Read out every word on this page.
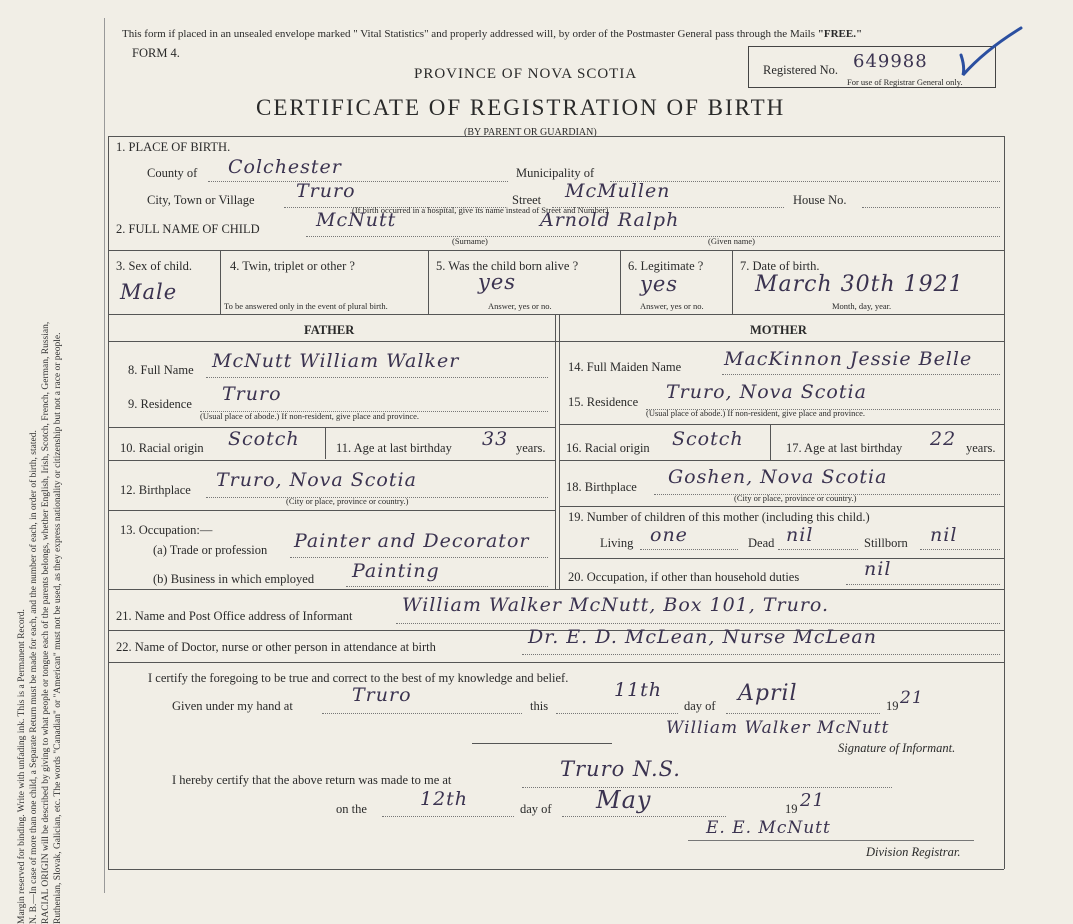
Margin reserved for binding. Write with unfading ink. This is a Permanent Record. N. B.—In case of more than one child, a Separate Return must be made for each, and the number of each, in order of birth, stated. RACIAL ORIGIN will be described by giving to what people or tongue each of the parents belongs, whether English, Irish, Scotch, French, German, Russian, Ruthenian, Slovak, Galician, etc. The words "Canadian" or "American" must not be used, as they express nationality or citizenship but not a race or people.
This form if placed in an unsealed envelope marked " Vital Statistics" and properly addressed will, by order of the Postmaster General pass through the Mails "FREE."
FORM 4.
PROVINCE OF NOVA SCOTIA
CERTIFICATE OF REGISTRATION OF BIRTH
(BY PARENT OR GUARDIAN)
Registered No. 649988
For use of Registrar General only.
1. PLACE OF BIRTH.
County of Colchester	Municipality of
City, Town or Village Truro	Street McMullen	House No.
(If birth occurred in a hospital, give its name instead of Street and Number)
2. FULL NAME OF CHILD	McNutt	Arnold Ralph
(Surname)	(Given name)
3. Sex of child.
Male
4. Twin, triplet or other ?
To be answered only in the event of plural birth.
5. Was the child born alive ?
yes
Answer, yes or no.
6. Legitimate ?
yes
Answer, yes or no.
7. Date of birth.
March 30th 1921
Month, day, year.
FATHER	MOTHER
8. Full Name McNutt William Walker
9. Residence Truro
(Usual place of abode.) If non-resident, give place and province.
10. Racial origin Scotch	11. Age at last birthday 33 years.
12. Birthplace Truro, Nova Scotia
(City or place, province or country.)
13. Occupation:—
(a) Trade or profession Painter and Decorator
(b) Business in which employed Painting
14. Full Maiden Name MacKinnon Jessie Belle
15. Residence Truro, Nova Scotia
(Usual place of abode.) If non-resident, give place and province.
16. Racial origin Scotch	17. Age at last birthday 22 years.
18. Birthplace Goshen, Nova Scotia
(City or place, province or country.)
19. Number of children of this mother (including this child.)
Living one	Dead nil	Stillborn nil
20. Occupation, if other than household duties	nil
21. Name and Post Office address of Informant	William Walker McNutt, Box 101, Truro.
22. Name of Doctor, nurse or other person in attendance at birth	Dr. E. D. McLean, Nurse McLean
I certify the foregoing to be true and correct to the best of my knowledge and belief.
Given under my hand at	Truro	this
11th
day of April	19 21
William Walker McNutt
Signature of Informant.
I hereby certify that the above return was made to me at	Truro N.S.
on the	12th	day of May	19 21
E. E. McNutt
Division Registrar.
